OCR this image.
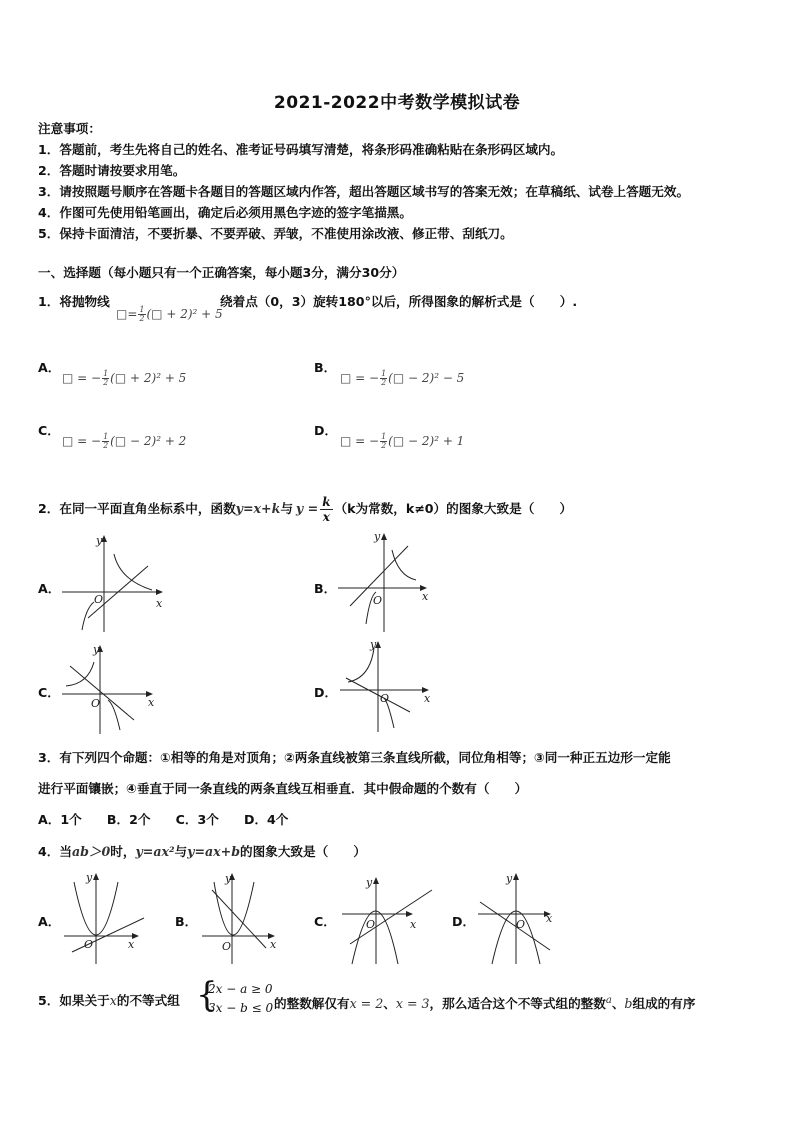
2021-2022中考数学模拟试卷
注意事项：
1．答题前，考生先将自己的姓名、准考证号码填写清楚，将条形码准确粘贴在条形码区域内。
2．答题时请按要求用笔。
3．请按照题号顺序在答题卡各题目的答题区域内作答，超出答题区域书写的答案无效；在草稿纸、试卷上答题无效。
4．作图可先使用铅笔画出，确定后必须用黑色字迹的签字笔描黑。
5．保持卡面清洁，不要折暴、不要弄破、弄皱，不准使用涂改液、修正带、刮纸刀。
一、选择题（每小题只有一个正确答案，每小题3分，满分30分）
1．将抛物线
□= $\frac{1}{2}$ (□ + 2)² + 5
绕着点（0，3）旋转180°以后，所得图象的解析式是（　　）.
A．
□ = − $\frac{1}{2}$ (□ + 2)² + 5
B．
□ = − $\frac{1}{2}$ (□ − 2)² − 5
C．
□ = − $\frac{1}{2}$ (□ − 2)² + 2
D．
□ = − $\frac{1}{2}$ (□ − 2)² + 1
2．在同一平面直角坐标系中，函数y=x+k与 $y = \frac{k}{x} (k$为常数，k≠0）的图象大致是（　　）
A．
x
y
O
B．
x
y
O
C．
x
y
O
D．	x
y
O
3．有下列四个命题：①相等的角是对顶角；②两条直线被第三条直线所截，同位角相等；③同一种正五边形一定能
进行平面镶嵌；④垂直于同一条直线的两条直线互相垂直．其中假命题的个数有（　　）
A．1个　　B．2个　　C．3个　　D．4个
4．当ab＞0时，y=ax²与y=ax+b的图象大致是（　　）
A．
x
y
O
B．
x
y
O
C．	x
y
O	D．	x
y
O
5．如果关于x的不等式组 {
2x − a ≥ 0
3x − b ≤ 0 的整数解仅有x = 2、x = 3，那么适合这个不等式组的整数$^a$、b组成的有序
